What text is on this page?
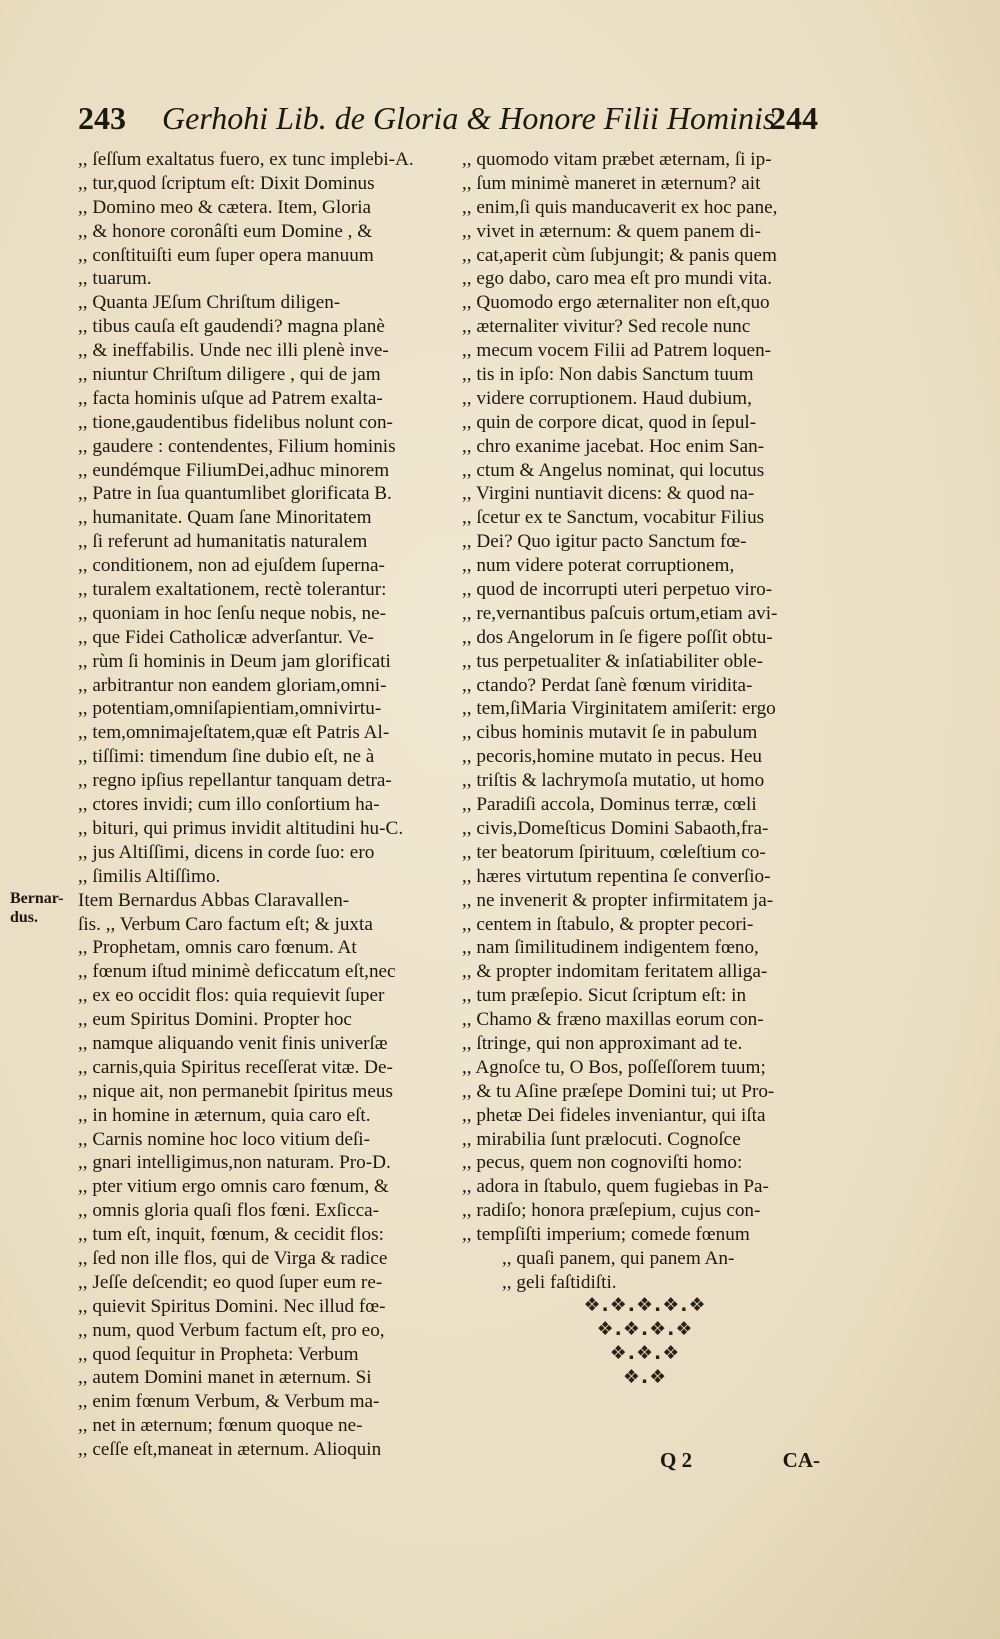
243 Gerhohi Lib. de Gloria & Honore Filii Hominis.
244
Bernar-
dus.
,, ſeſſum exaltatus fuero, ex tunc implebi-A.
,, tur,quod ſcriptum eſt: Dixit Dominus
,, Domino meo & cætera. Item, Gloria
,, & honore coronâſti eum Domine , &
,, conſtituiſti eum ſuper opera manuum
,, tuarum.
,, Quanta JEſum Chriſtum diligen-
,, tibus cauſa eſt gaudendi? magna planè
,, & ineffabilis. Unde nec illi plenè inve-
,, niuntur Chriſtum diligere , qui de jam
,, facta hominis uſque ad Patrem exalta-
,, tione,gaudentibus fidelibus nolunt con-
,, gaudere : contendentes, Filium hominis
,, eundémque FiliumDei,adhuc minorem
,, Patre in ſua quantumlibet glorificata B.
,, humanitate. Quam ſane Minoritatem
,, ſi referunt ad humanitatis naturalem
,, conditionem, non ad ejuſdem ſuperna-
,, turalem exaltationem, rectè tolerantur:
,, quoniam in hoc ſenſu neque nobis, ne-
,, que Fidei Catholicæ adverſantur. Ve-
,, rùm ſi hominis in Deum jam glorificati
,, arbitrantur non eandem gloriam,omni-
,, potentiam,omniſapientiam,omnivirtu-
,, tem,omnimajeſtatem,quæ eſt Patris Al-
,, tiſſimi: timendum ſine dubio eſt, ne à
,, regno ipſius repellantur tanquam detra-
,, ctores invidi; cum illo conſortium ha-
,, bituri, qui primus invidit altitudini hu-C.
,, jus Altiſſimi, dicens in corde ſuo: ero
,, ſimilis Altiſſimo.
Item Bernardus Abbas Claravallen-
ſis. ,, Verbum Caro factum eſt; & juxta
,, Prophetam, omnis caro fœnum. At
,, fœnum iſtud minimè deficcatum eſt,nec
,, ex eo occidit flos: quia requievit ſuper
,, eum Spiritus Domini. Propter hoc
,, namque aliquando venit finis univerſæ
,, carnis,quia Spiritus receſſerat vitæ. De-
,, nique ait, non permanebit ſpiritus meus
,, in homine in æternum, quia caro eſt.
,, Carnis nomine hoc loco vitium deſi-
,, gnari intelligimus,non naturam. Pro-D.
,, pter vitium ergo omnis caro fœnum, &
,, omnis gloria quaſi flos fœni. Exſicca-
,, tum eſt, inquit, fœnum, & cecidit flos:
,, ſed non ille flos, qui de Virga & radice
,, Jeſſe deſcendit; eo quod ſuper eum re-
,, quievit Spiritus Domini. Nec illud fœ-
,, num, quod Verbum factum eſt, pro eo,
,, quod ſequitur in Propheta: Verbum
,, autem Domini manet in æternum. Si
,, enim fœnum Verbum, & Verbum ma-
,, net in æternum; fœnum quoque ne-
,, ceſſe eſt,maneat in æternum. Alioquin
,, quomodo vitam præbet æternam, ſi ip-
,, ſum minimè maneret in æternum? ait
,, enim,ſi quis manducaverit ex hoc pane,
,, vivet in æternum: & quem panem di-
,, cat,aperit cùm ſubjungit; & panis quem
,, ego dabo, caro mea eſt pro mundi vita.
,, Quomodo ergo æternaliter non eſt,quo
,, æternaliter vivitur? Sed recole nunc
,, mecum vocem Filii ad Patrem loquen-
,, tis in ipſo: Non dabis Sanctum tuum
,, videre corruptionem. Haud dubium,
,, quin de corpore dicat, quod in ſepul-
,, chro exanime jacebat. Hoc enim San-
,, ctum & Angelus nominat, qui locutus
,, Virgini nuntiavit dicens: & quod na-
,, ſcetur ex te Sanctum, vocabitur Filius
,, Dei? Quo igitur pacto Sanctum fœ-
,, num videre poterat corruptionem,
,, quod de incorrupti uteri perpetuo viro-
,, re,vernantibus paſcuis ortum,etiam avi-
,, dos Angelorum in ſe figere poſſit obtu-
,, tus perpetualiter & inſatiabiliter oble-
,, ctando? Perdat ſanè fœnum viridita-
,, tem,ſiMaria Virginitatem amiſerit: ergo
,, cibus hominis mutavit ſe in pabulum
,, pecoris,homine mutato in pecus. Heu
,, triſtis & lachrymoſa mutatio, ut homo
,, Paradiſi accola, Dominus terræ, cœli
,, civis,Domeſticus Domini Sabaoth,fra-
,, ter beatorum ſpirituum, cœleſtium co-
,, hæres virtutum repentina ſe converſio-
,, ne invenerit & propter infirmitatem ja-
,, centem in ſtabulo, & propter pecori-
,, nam ſimilitudinem indigentem fœno,
,, & propter indomitam feritatem alliga-
,, tum præſepio. Sicut ſcriptum eſt: in
,, Chamo & fræno maxillas eorum con-
,, ſtringe, qui non approximant ad te.
,, Agnoſce tu, O Bos, poſſeſſorem tuum;
,, & tu Aſine præſepe Domini tui; ut Pro-
,, phetæ Dei fideles inveniantur, qui iſta
,, mirabilia ſunt prælocuti. Cognoſce
,, pecus, quem non cognoviſti homo:
,, adora in ſtabulo, quem fugiebas in Pa-
,, radiſo; honora præſepium, cujus con-
,, tempſiſti imperium; comede fœnum
,, quaſi panem, qui panem An-
,, geli faſtidiſti.
❖.❖.❖.❖.❖
❖.❖.❖.❖
❖.❖.❖
❖.❖
Q 2	CA-
